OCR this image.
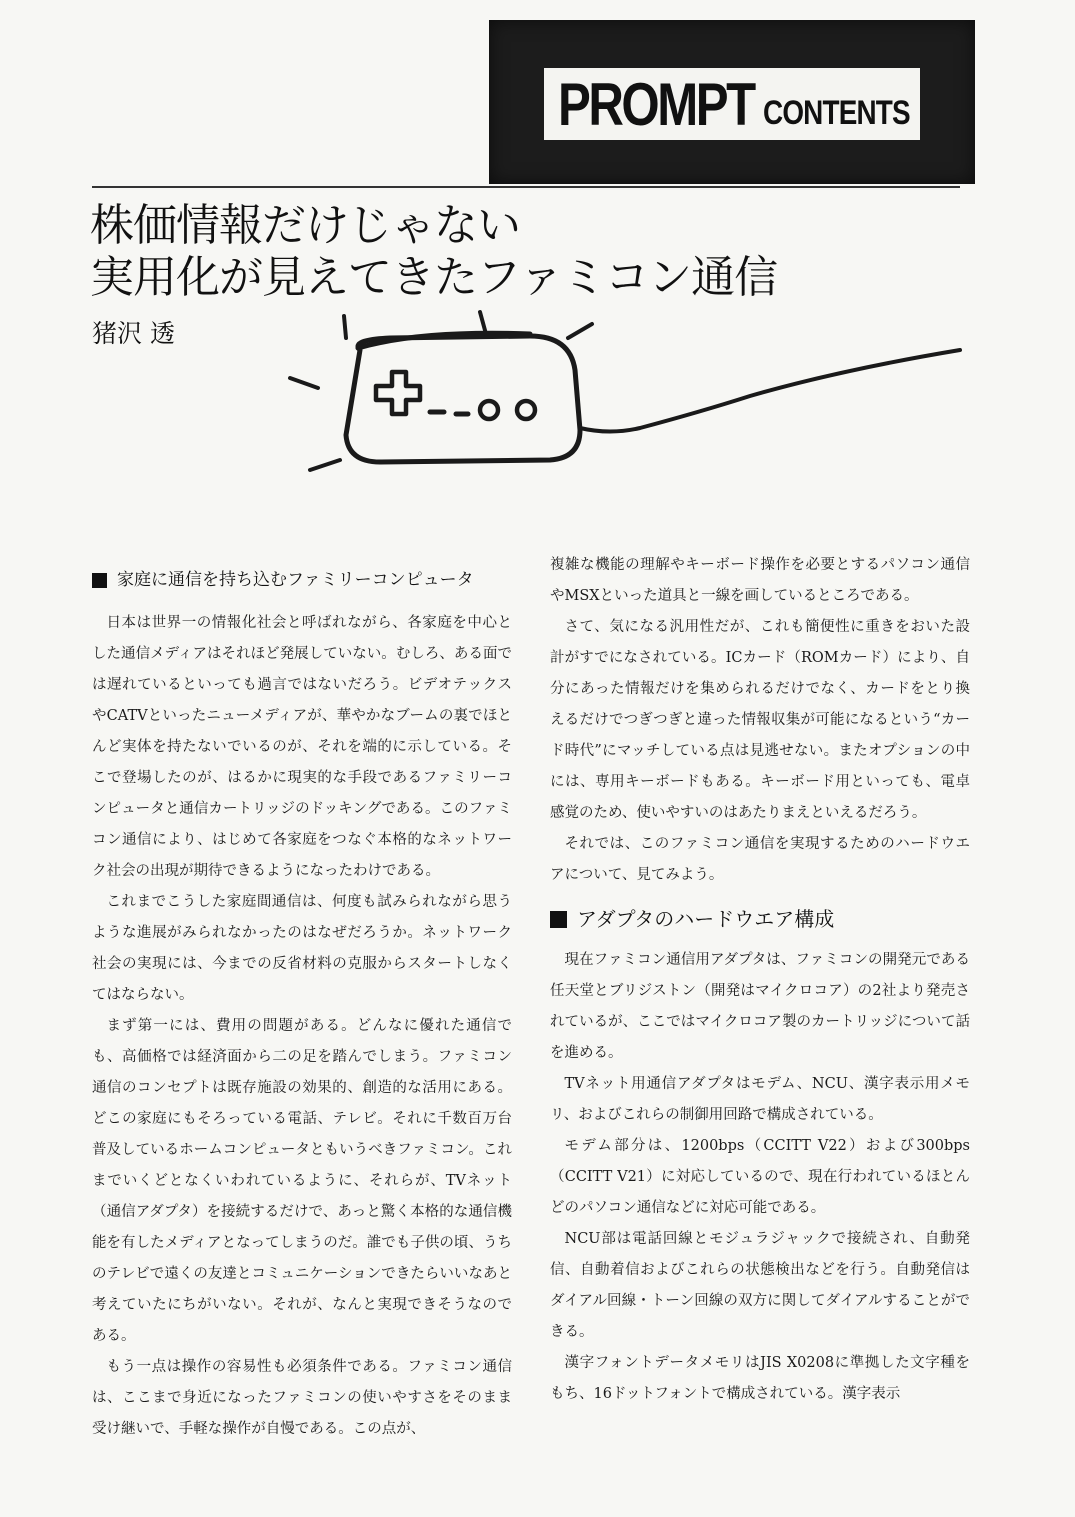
PROMPT CONTENTS
株価情報だけじゃない
実用化が見えてきたファミコン通信
猪沢 透
家庭に通信を持ち込むファミリーコンピュータ

日本は世界一の情報化社会と呼ばれながら、各家庭を中心とした通信メディアはそれほど発展していない。むしろ、ある面では遅れているといっても過言ではないだろう。ビデオテックスやCATVといったニューメディアが、華やかなブームの裏でほとんど実体を持たないでいるのが、それを端的に示している。そこで登場したのが、はるかに現実的な手段であるファミリーコンピュータと通信カートリッジのドッキングである。このファミコン通信により、はじめて各家庭をつなぐ本格的なネットワーク社会の出現が期待できるようになったわけである。

これまでこうした家庭間通信は、何度も試みられながら思うような進展がみられなかったのはなぜだろうか。ネットワーク社会の実現には、今までの反省材料の克服からスタートしなくてはならない。

まず第一には、費用の問題がある。どんなに優れた通信でも、高価格では経済面から二の足を踏んでしまう。ファミコン通信のコンセプトは既存施設の効果的、創造的な活用にある。どこの家庭にもそろっている電話、テレビ。それに千数百万台普及しているホームコンピュータともいうべきファミコン。これまでいくどとなくいわれているように、それらが、TVネット（通信アダプタ）を接続するだけで、あっと驚く本格的な通信機能を有したメディアとなってしまうのだ。誰でも子供の頃、うちのテレビで遠くの友達とコミュニケーションできたらいいなあと考えていたにちがいない。それが、なんと実現できそうなのである。

もう一点は操作の容易性も必須条件である。ファミコン通信は、ここまで身近になったファミコンの使いやすさをそのまま受け継いで、手軽な操作が自慢である。この点が、

複雑な機能の理解やキーボード操作を必要とするパソコン通信やMSXといった道具と一線を画しているところである。

さて、気になる汎用性だが、これも簡便性に重きをおいた設計がすでになされている。ICカード（ROMカード）により、自分にあった情報だけを集められるだけでなく、カードをとり換えるだけでつぎつぎと違った情報収集が可能になるという“カード時代”にマッチしている点は見逃せない。またオプションの中には、専用キーボードもある。キーボード用といっても、電卓感覚のため、使いやすいのはあたりまえといえるだろう。

それでは、このファミコン通信を実現するためのハードウエアについて、見てみよう。

アダプタのハードウエア構成

現在ファミコン通信用アダプタは、ファミコンの開発元である任天堂とブリジストン（開発はマイクロコア）の2社より発売されているが、ここではマイクロコア製のカートリッジについて話を進める。

TVネット用通信アダプタはモデム、NCU、漢字表示用メモリ、およびこれらの制御用回路で構成されている。

モデム部分は、1200bps（CCITT V22）および300bps（CCITT V21）に対応しているので、現在行われているほとんどのパソコン通信などに対応可能である。

NCU部は電話回線とモジュラジャックで接続され、自動発信、自動着信およびこれらの状態検出などを行う。自動発信はダイアル回線・トーン回線の双方に関してダイアルすることができる。

漢字フォントデータメモリはJIS X0208に準拠した文字種をもち、16ドットフォントで構成されている。漢字表示
